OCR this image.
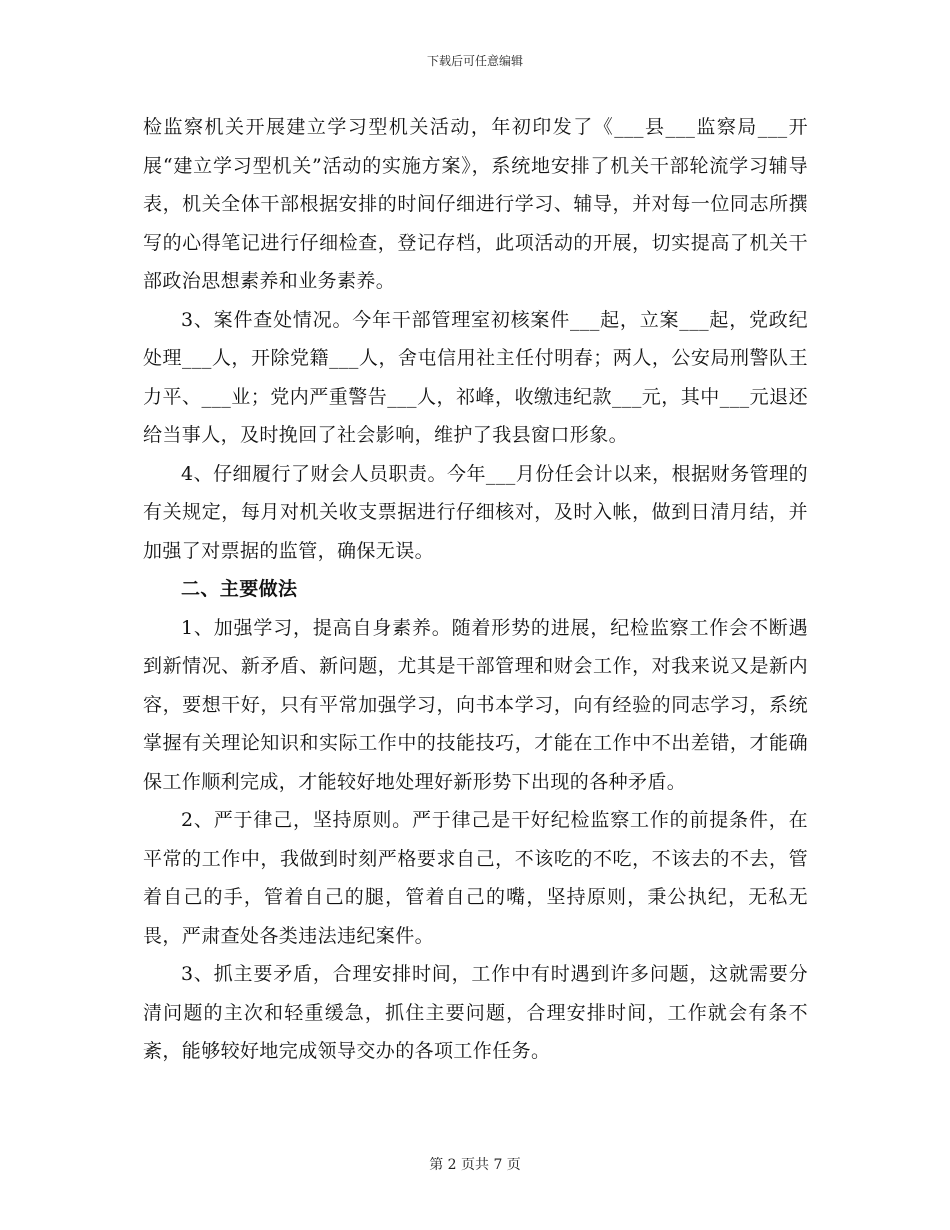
下载后可任意编辑

检监察机关开展建立学习型机关活动，年初印发了《___县___监察局___开展“建立学习型机关”活动的实施方案》，系统地安排了机关干部轮流学习辅导表，机关全体干部根据安排的时间仔细进行学习、辅导，并对每一位同志所撰写的心得笔记进行仔细检查，登记存档，此项活动的开展，切实提高了机关干部政治思想素养和业务素养。

3、案件查处情况。今年干部管理室初核案件___起，立案___起，党政纪处理___人，开除党籍___人，舍屯信用社主任付明春；两人，公安局刑警队王力平、___业；党内严重警告___人，祁峰，收缴违纪款___元，其中___元退还给当事人，及时挽回了社会影响，维护了我县窗口形象。

4、仔细履行了财会人员职责。今年___月份任会计以来，根据财务管理的有关规定，每月对机关收支票据进行仔细核对，及时入帐，做到日清月结，并加强了对票据的监管，确保无误。

二、主要做法

1、加强学习，提高自身素养。随着形势的进展，纪检监察工作会不断遇到新情况、新矛盾、新问题，尤其是干部管理和财会工作，对我来说又是新内容，要想干好，只有平常加强学习，向书本学习，向有经验的同志学习，系统掌握有关理论知识和实际工作中的技能技巧，才能在工作中不出差错，才能确保工作顺利完成，才能较好地处理好新形势下出现的各种矛盾。

2、严于律己，坚持原则。严于律己是干好纪检监察工作的前提条件，在平常的工作中，我做到时刻严格要求自己，不该吃的不吃，不该去的不去，管着自己的手，管着自己的腿，管着自己的嘴，坚持原则，秉公执纪，无私无畏，严肃查处各类违法违纪案件。

3、抓主要矛盾，合理安排时间，工作中有时遇到许多问题，这就需要分清问题的主次和轻重缓急，抓住主要问题，合理安排时间，工作就会有条不紊，能够较好地完成领导交办的各项工作任务。

第 2 页共 7 页
